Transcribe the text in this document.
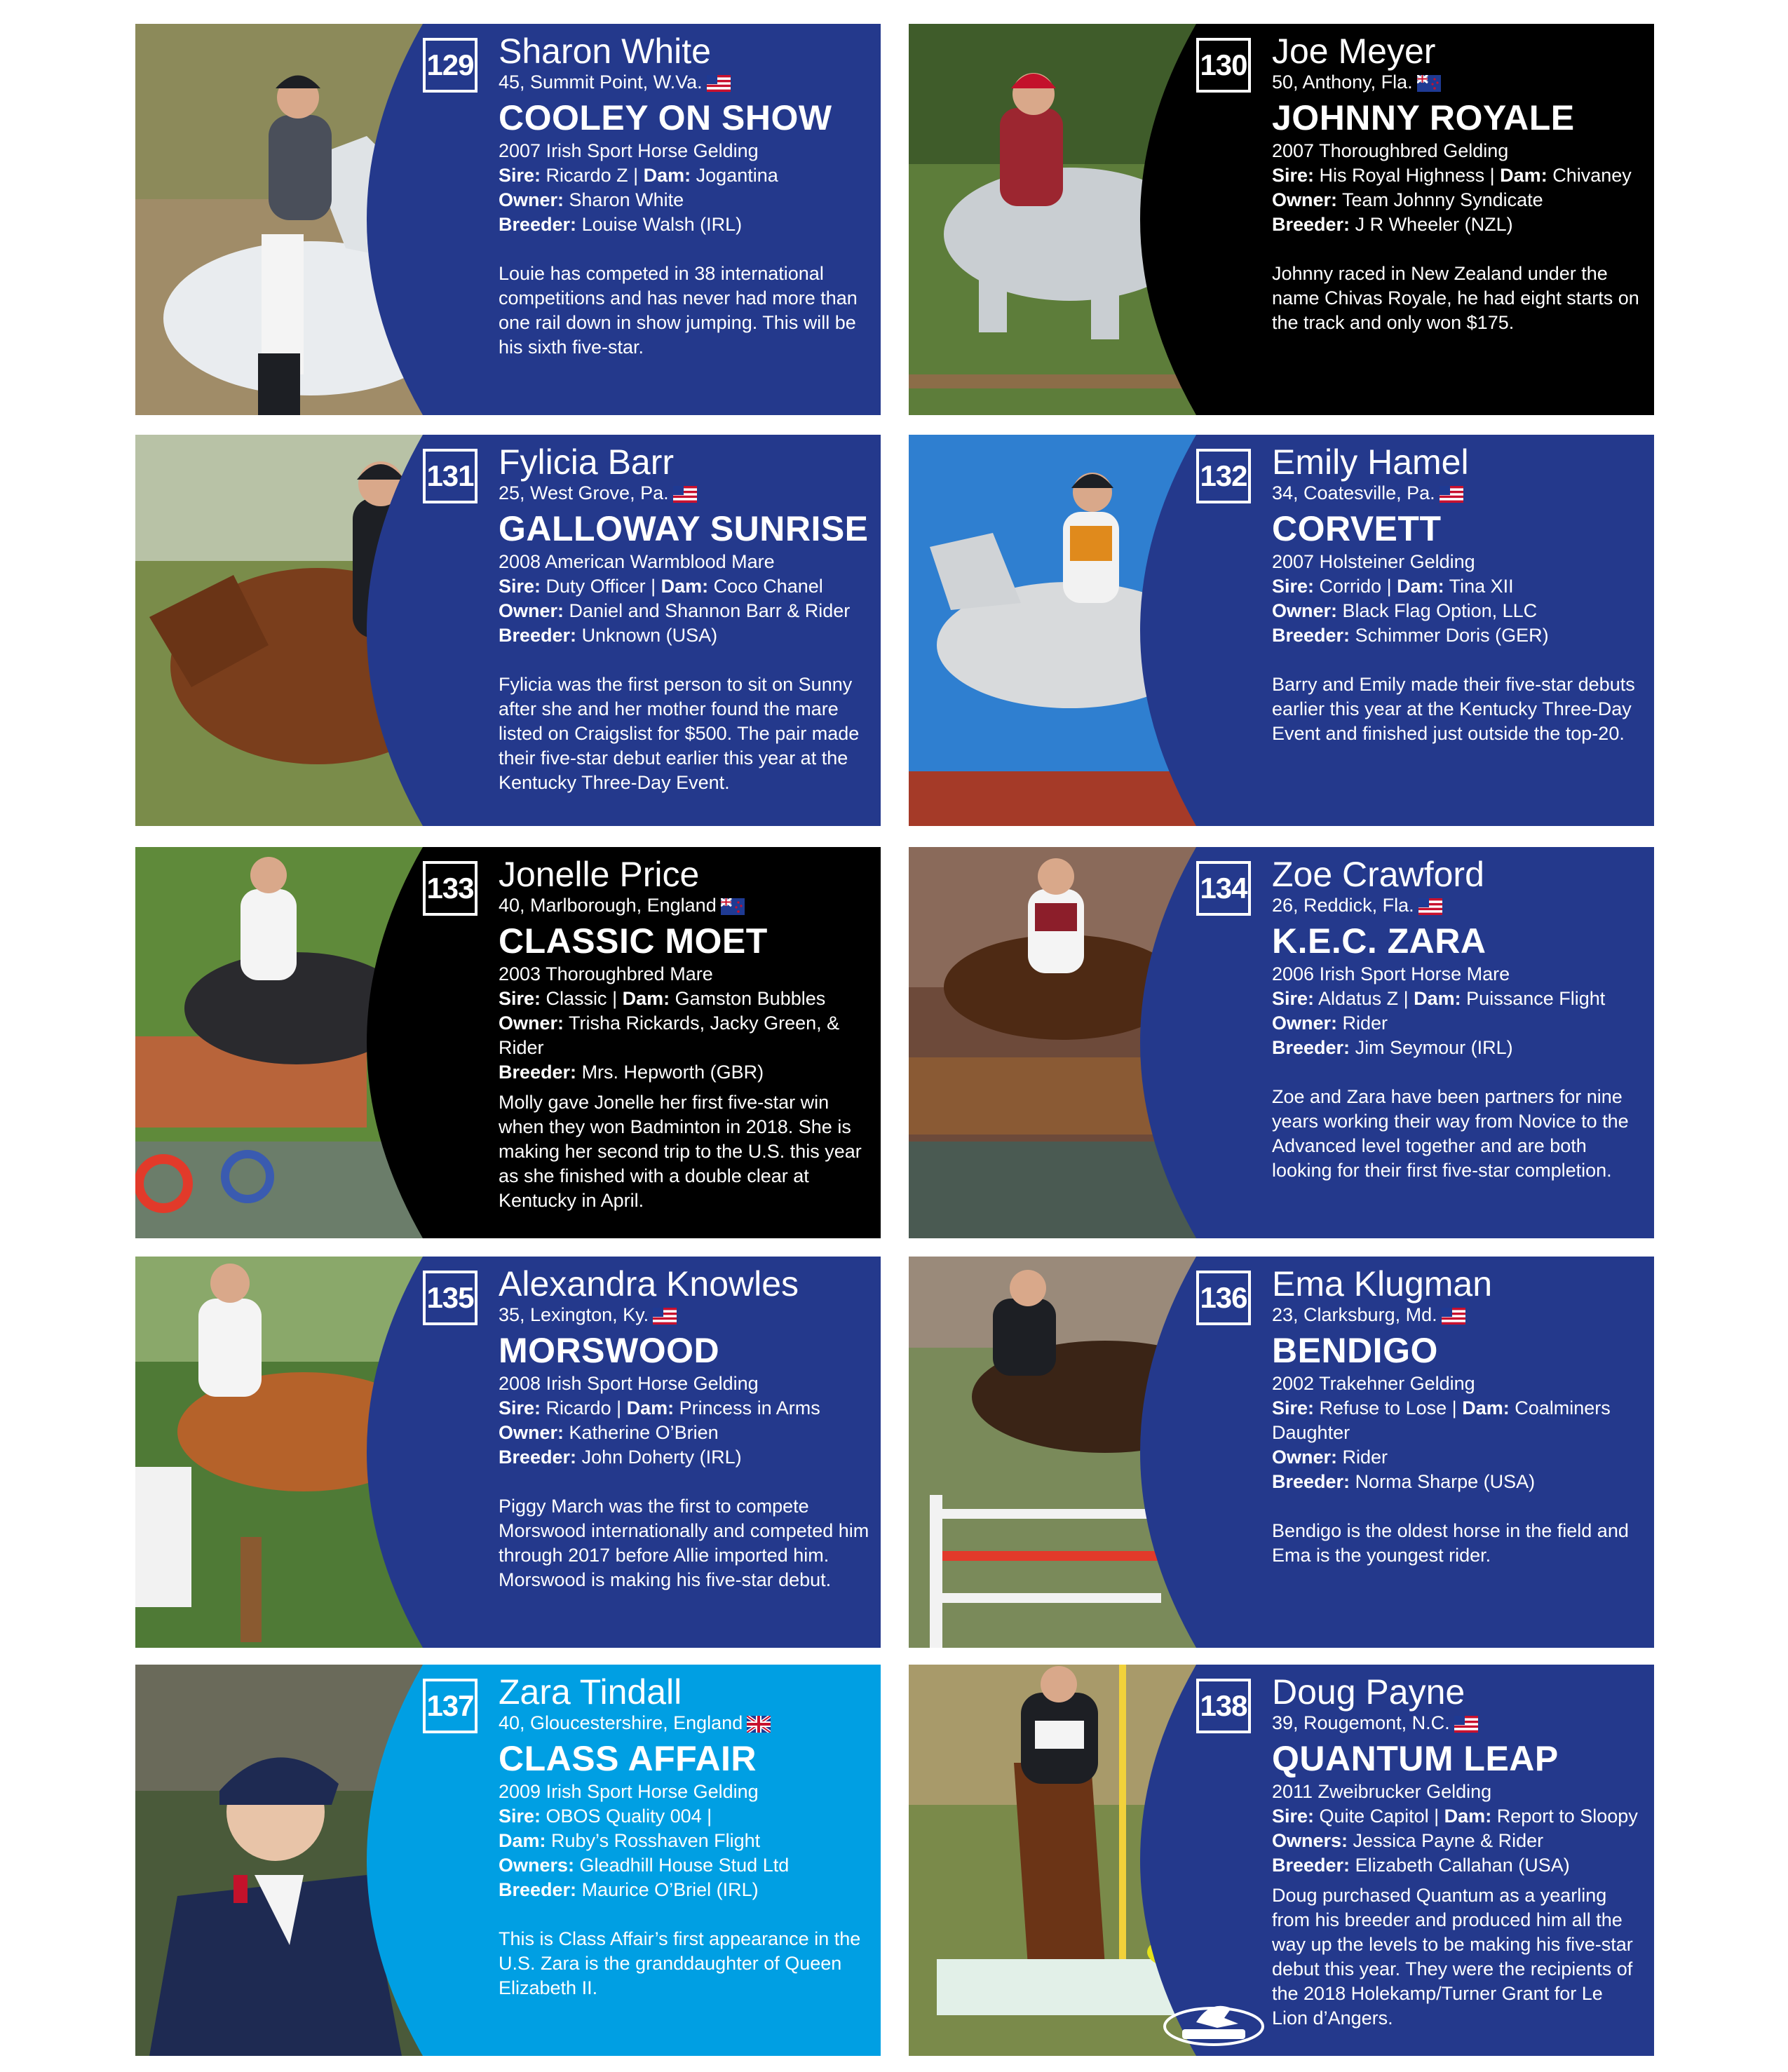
129 Sharon White
45, Summit Point, W.Va.
COOLEY ON SHOW
2007 Irish Sport Horse Gelding
Sire: Ricardo Z | Dam: Jogantina
Owner: Sharon White
Breeder: Louise Walsh (IRL)
Louie has competed in 38 international competitions and has never had more than one rail down in show jumping. This will be his sixth five-star.
130 Joe Meyer
50, Anthony, Fla.
JOHNNY ROYALE
2007 Thoroughbred Gelding
Sire: His Royal Highness | Dam: Chivaney
Owner: Team Johnny Syndicate
Breeder: J R Wheeler (NZL)
Johnny raced in New Zealand under the name Chivas Royale, he had eight starts on the track and only won $175.
131 Fylicia Barr
25, West Grove, Pa.
GALLOWAY SUNRISE
2008 American Warmblood Mare
Sire: Duty Officer | Dam: Coco Chanel
Owner: Daniel and Shannon Barr & Rider
Breeder: Unknown (USA)
Fylicia was the first person to sit on Sunny after she and her mother found the mare listed on Craigslist for $500. The pair made their five-star debut earlier this year at the Kentucky Three-Day Event.
132 Emily Hamel
34, Coatesville, Pa.
CORVETT
2007 Holsteiner Gelding
Sire: Corrido | Dam: Tina XII
Owner: Black Flag Option, LLC
Breeder: Schimmer Doris (GER)
Barry and Emily made their five-star debuts earlier this year at the Kentucky Three-Day Event and finished just outside the top-20.
133 Jonelle Price
40, Marlborough, England
CLASSIC MOET
2003 Thoroughbred Mare
Sire: Classic | Dam: Gamston Bubbles
Owner: Trisha Rickards, Jacky Green, & Rider
Breeder: Mrs. Hepworth (GBR)
Molly gave Jonelle her first five-star win when they won Badminton in 2018. She is making her second trip to the U.S. this year as she finished with a double clear at Kentucky in April.
134 Zoe Crawford
26, Reddick, Fla.
K.E.C. ZARA
2006 Irish Sport Horse Mare
Sire: Aldatus Z | Dam: Puissance Flight
Owner: Rider
Breeder: Jim Seymour (IRL)
Zoe and Zara have been partners for nine years working their way from Novice to the Advanced level together and are both looking for their first five-star completion.
135 Alexandra Knowles
35, Lexington, Ky.
MORSWOOD
2008 Irish Sport Horse Gelding
Sire: Ricardo | Dam: Princess in Arms
Owner: Katherine O’Brien
Breeder: John Doherty (IRL)
Piggy March was the first to compete Morswood internationally and competed him through 2017 before Allie imported him. Morswood is making his five-star debut.
136 Ema Klugman
23, Clarksburg, Md.
BENDIGO
2002 Trakehner Gelding
Sire: Refuse to Lose | Dam: Coalminers Daughter
Owner: Rider
Breeder: Norma Sharpe (USA)
Bendigo is the oldest horse in the field and Ema is the youngest rider.
137 Zara Tindall
40, Gloucestershire, England
CLASS AFFAIR
2009 Irish Sport Horse Gelding
Sire: OBOS Quality 004 |
Dam: Ruby’s Rosshaven Flight
Owners: Gleadhill House Stud Ltd
Breeder: Maurice O’Briel (IRL)
This is Class Affair’s first appearance in the U.S. Zara is the granddaughter of Queen Elizabeth II.
138 Doug Payne
39, Rougemont, N.C.
QUANTUM LEAP
2011 Zweibrucker Gelding
Sire: Quite Capitol | Dam: Report to Sloopy
Owners: Jessica Payne & Rider
Breeder: Elizabeth Callahan (USA)
Doug purchased Quantum as a yearling from his breeder and produced him all the way up the levels to be making his five-star debut this year. They were the recipients of the 2018 Holekamp/Turner Grant for Le Lion d’Angers.
